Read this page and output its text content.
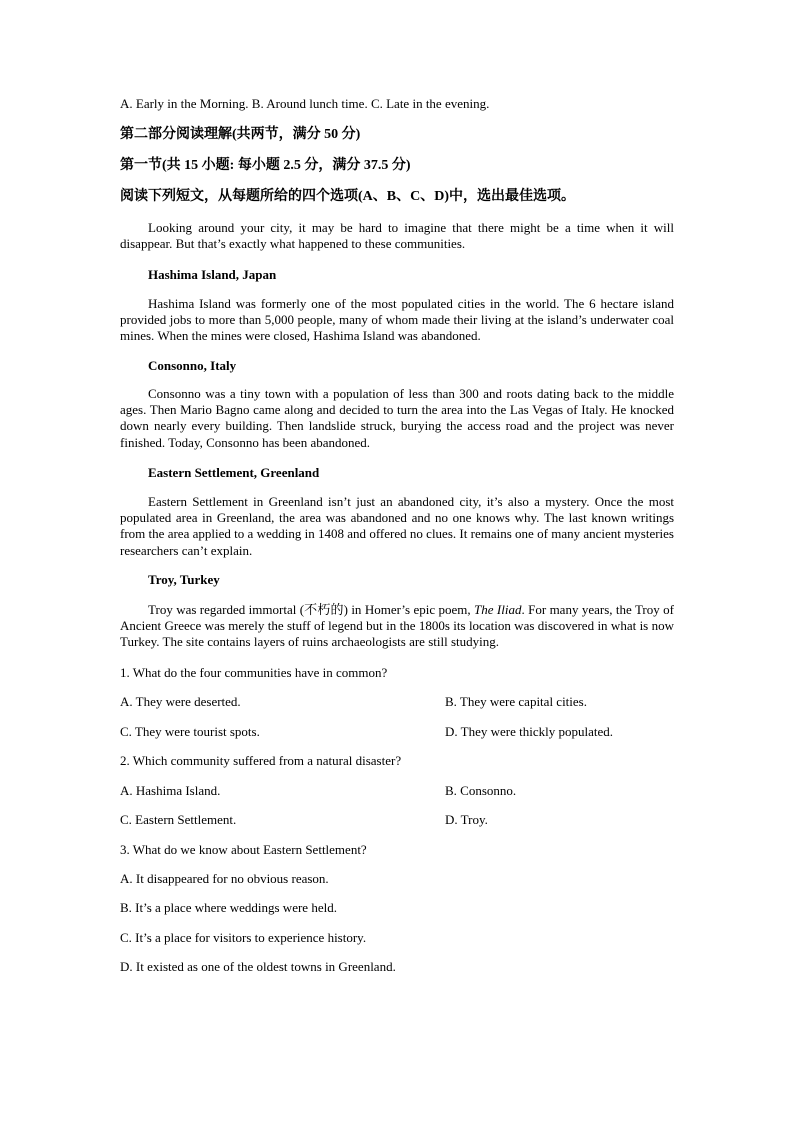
A. Early in the Morning. B. Around lunch time. C. Late in the evening.
第二部分阅读理解(共两节，满分 50 分)
第一节(共 15 小题: 每小题 2.5 分，满分 37.5 分)
阅读下列短文，从每题所给的四个选项(A、B、C、D)中，选出最佳选项。
Looking around your city, it may be hard to imagine that there might be a time when it will disappear. But that’s exactly what happened to these communities.
Hashima Island, Japan
Hashima Island was formerly one of the most populated cities in the world. The 6 hectare island provided jobs to more than 5,000 people, many of whom made their living at the island’s underwater coal mines. When the mines were closed, Hashima Island was abandoned.
Consonno, Italy
Consonno was a tiny town with a population of less than 300 and roots dating back to the middle ages. Then Mario Bagno came along and decided to turn the area into the Las Vegas of Italy. He knocked down nearly every building. Then landslide struck, burying the access road and the project was never finished. Today, Consonno has been abandoned.
Eastern Settlement, Greenland
Eastern Settlement in Greenland isn’t just an abandoned city, it’s also a mystery. Once the most populated area in Greenland, the area was abandoned and no one knows why. The last known writings from the area applied to a wedding in 1408 and offered no clues. It remains one of many ancient mysteries researchers can’t explain.
Troy, Turkey
Troy was regarded immortal (不朽的) in Homer’s epic poem, The Iliad. For many years, the Troy of Ancient Greece was merely the stuff of legend but in the 1800s its location was discovered in what is now Turkey. The site contains layers of ruins archaeologists are still studying.
1. What do the four communities have in common?
A. They were deserted.	B. They were capital cities.
C. They were tourist spots.	D. They were thickly populated.
2. Which community suffered from a natural disaster?
A. Hashima Island.	B. Consonno.
C. Eastern Settlement.	D. Troy.
3. What do we know about Eastern Settlement?
A. It disappeared for no obvious reason.
B. It’s a place where weddings were held.
C. It’s a place for visitors to experience history.
D. It existed as one of the oldest towns in Greenland.
